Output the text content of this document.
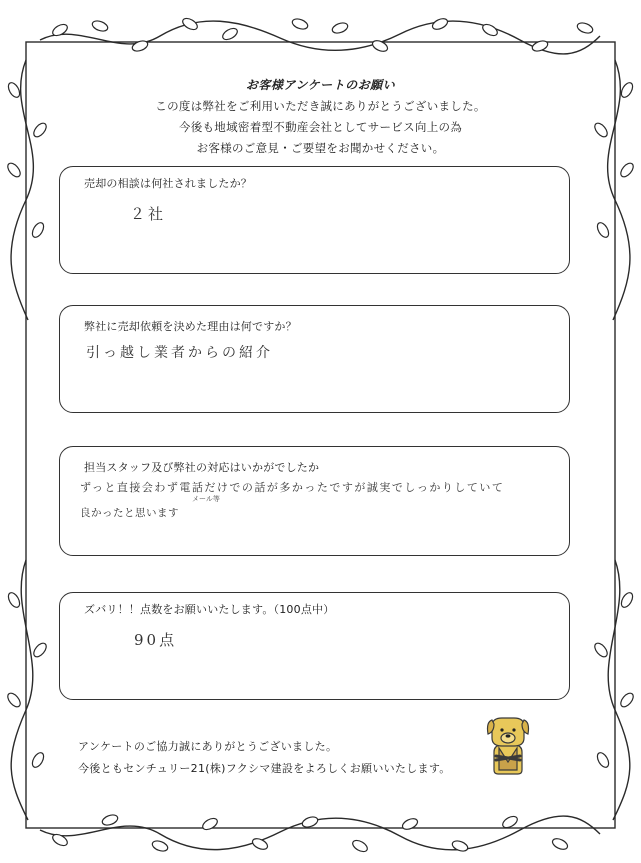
お客様アンケートのお願い
この度は弊社をご利用いただき誠にありがとうございました。
今後も地域密着型不動産会社としてサービス向上の為
お客様のご意見・ご要望をお聞かせください。
売却の相談は何社されましたか？
２社
弊社に売却依頼を決めた理由は何ですか？
引っ越し業者からの紹介
担当スタッフ及び弊社の対応はいかがでしたか
メール等
ずっと直接会わず電話だけでの話が多かったですが誠実でしっかりしていて
良かったと思います
ズバリ！！点数をお願いいたします。（100点中）
90点
アンケートのご協力誠にありがとうございました。
今後ともセンチュリー21(株)フクシマ建設をよろしくお願いいたします。
